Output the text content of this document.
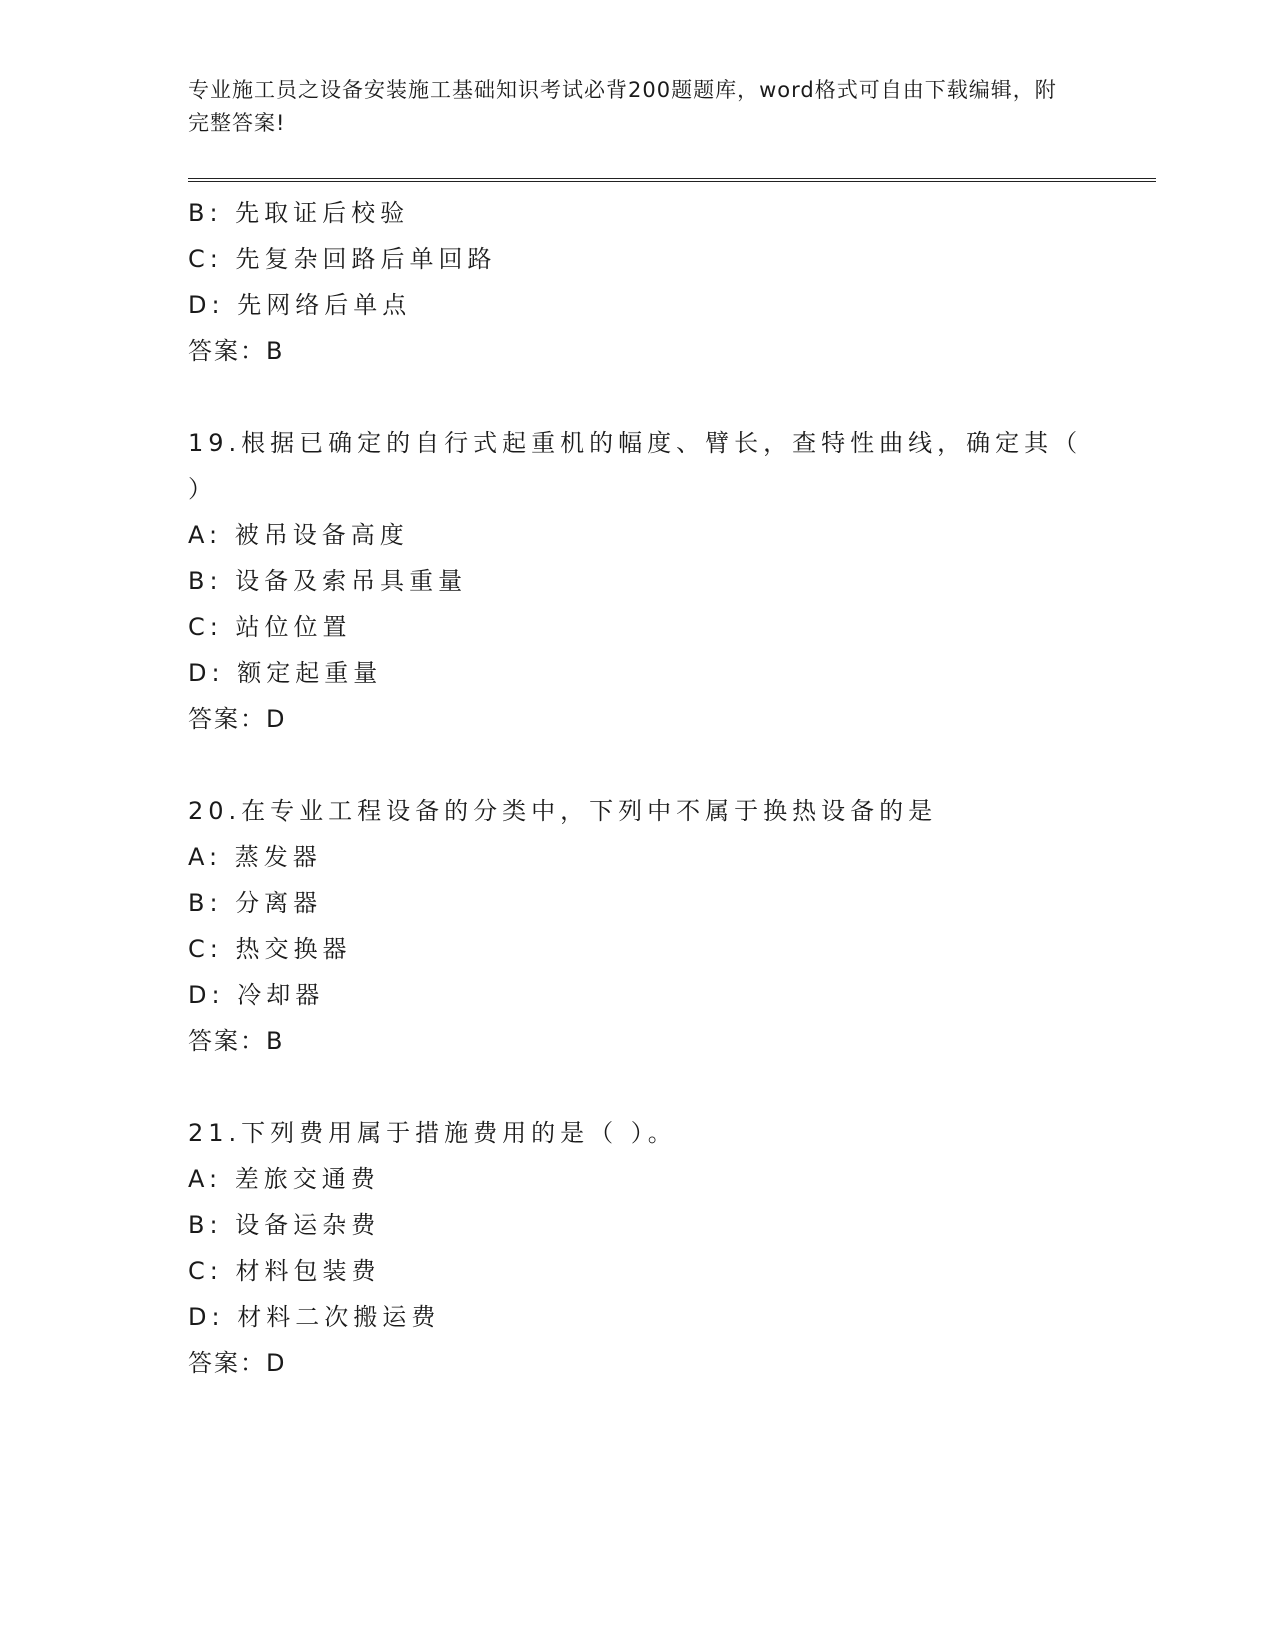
专业施工员之设备安装施工基础知识考试必背200题题库，word格式可自由下载编辑，附完整答案!
B: 先取证后校验
C: 先复杂回路后单回路
D: 先网络后单点
答案：B
19.根据已确定的自行式起重机的幅度、臂长，查特性曲线，确定其（
）
A: 被吊设备高度
B: 设备及索吊具重量
C: 站位位置
D: 额定起重量
答案：D
20.在专业工程设备的分类中，下列中不属于换热设备的是
A: 蒸发器
B: 分离器
C: 热交换器
D: 冷却器
答案：B
21.下列费用属于措施费用的是（ ）。
A: 差旅交通费
B: 设备运杂费
C: 材料包装费
D: 材料二次搬运费
答案：D
